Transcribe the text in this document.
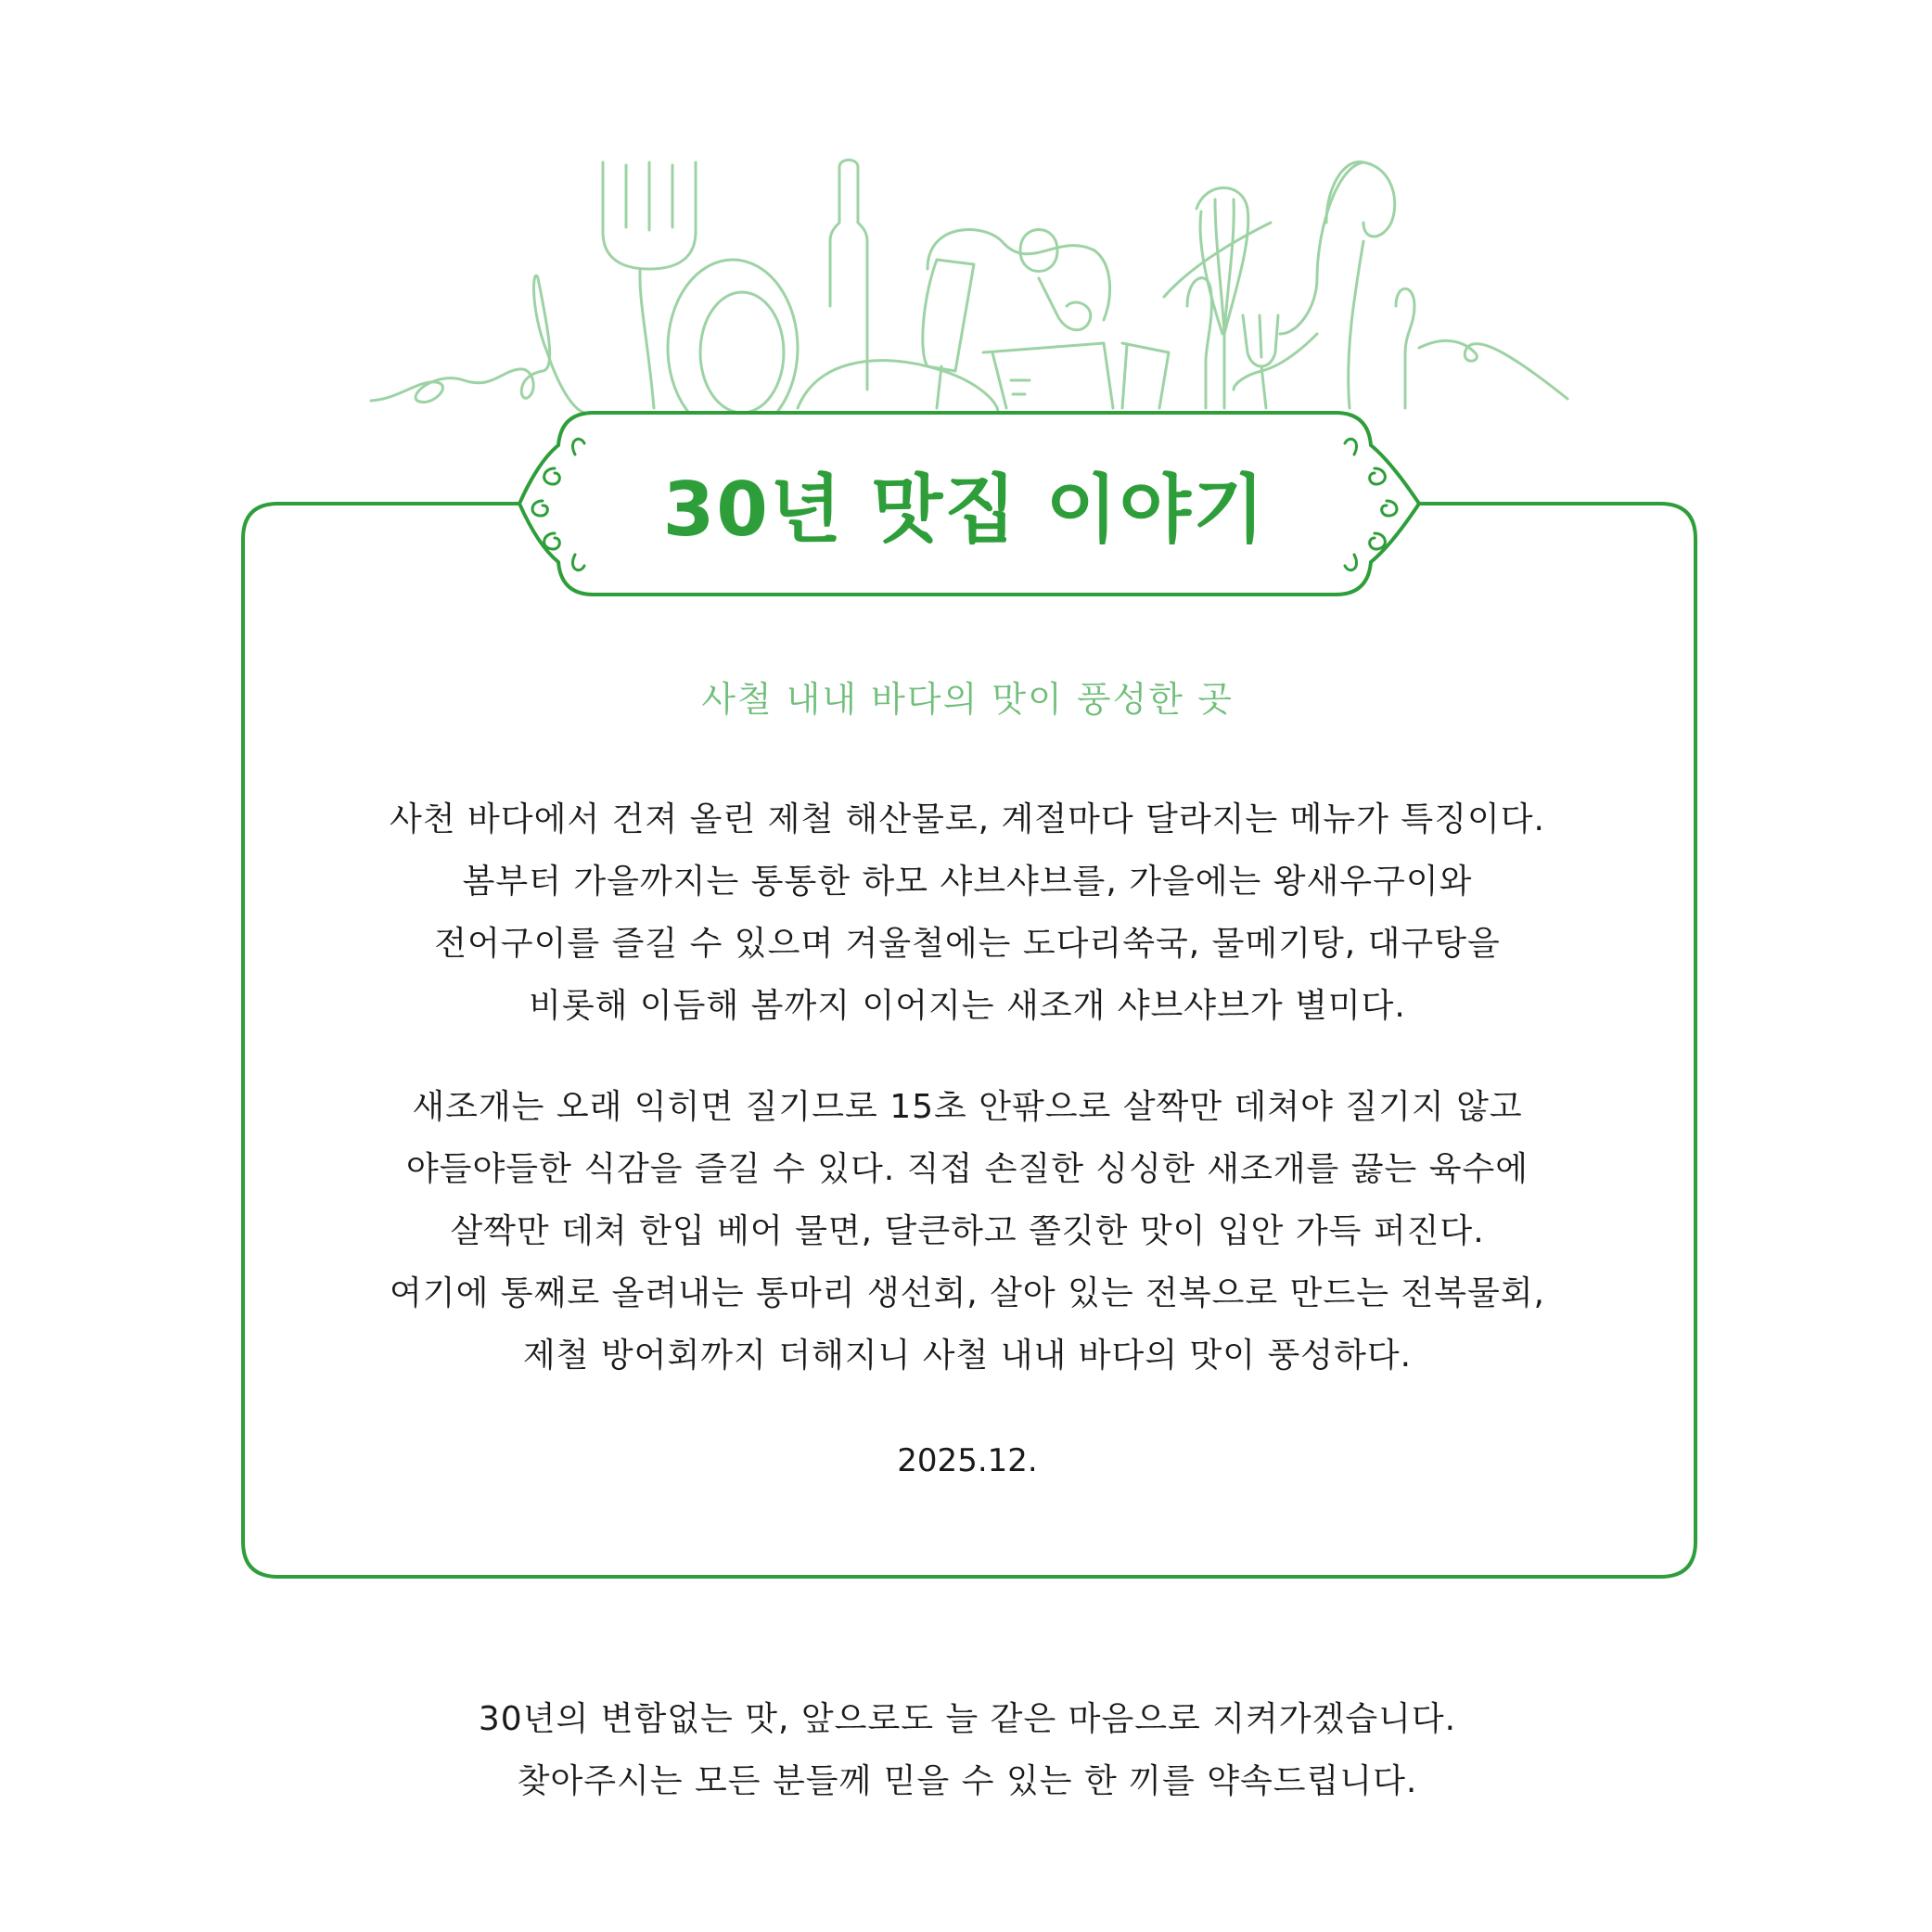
30년 맛집 이야기
사철 내내 바다의 맛이 풍성한 곳
사천 바다에서 건져 올린 제철 해산물로, 계절마다 달라지는 메뉴가 특징이다.
봄부터 가을까지는 통통한 하모 샤브샤브를, 가을에는 왕새우구이와
전어구이를 즐길 수 있으며 겨울철에는 도다리쑥국, 물메기탕, 대구탕을
비롯해 이듬해 봄까지 이어지는 새조개 샤브샤브가 별미다.
새조개는 오래 익히면 질기므로 15초 안팎으로 살짝만 데쳐야 질기지 않고
야들야들한 식감을 즐길 수 있다. 직접 손질한 싱싱한 새조개를 끓는 육수에
살짝만 데쳐 한입 베어 물면, 달큰하고 쫄깃한 맛이 입안 가득 퍼진다.
여기에 통째로 올려내는 통마리 생선회, 살아 있는 전복으로 만드는 전복물회,
제철 방어회까지 더해지니 사철 내내 바다의 맛이 풍성하다.
2025.12.
30년의 변함없는 맛, 앞으로도 늘 같은 마음으로 지켜가겠습니다.
찾아주시는 모든 분들께 믿을 수 있는 한 끼를 약속드립니다.
